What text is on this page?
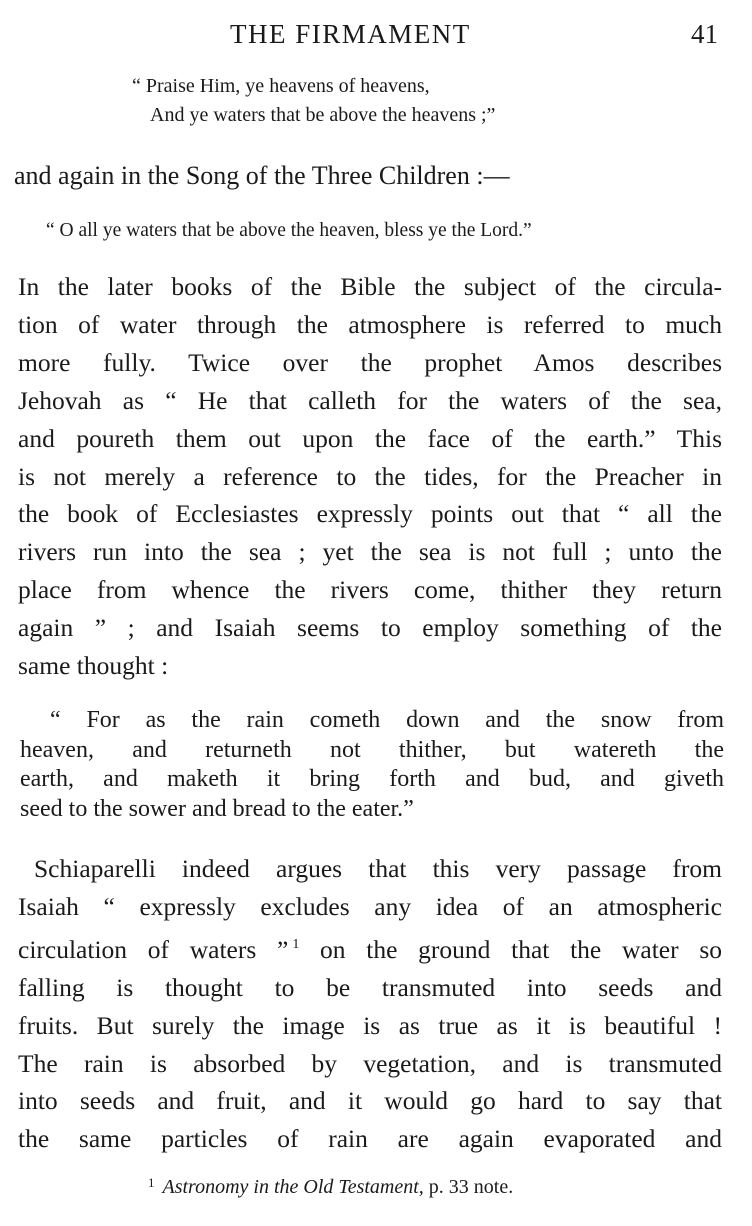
THE FIRMAMENT	41
“ Praise Him, ye heavens of heavens,
And ye waters that be above the heavens ;”
and again in the Song of the Three Children :—
“ O all ye waters that be above the heaven, bless ye the Lord.”
In the later books of the Bible the subject of the circula-
tion of water through the atmosphere is referred to much
more fully. Twice over the prophet Amos describes
Jehovah as “ He that calleth for the waters of the sea,
and poureth them out upon the face of the earth.” This
is not merely a reference to the tides, for the Preacher in
the book of Ecclesiastes expressly points out that “ all the
rivers run into the sea ; yet the sea is not full ; unto the
place from whence the rivers come, thither they return
again ” ; and Isaiah seems to employ something of the
same thought :
“ For as the rain cometh down and the snow from
heaven, and returneth not thither, but watereth the
earth, and maketh it bring forth and bud, and giveth
seed to the sower and bread to the eater.”
Schiaparelli indeed argues that this very passage from
Isaiah “ expressly excludes any idea of an atmospheric
circulation of waters ” $^1$ on the ground that the water so
falling is thought to be transmuted into seeds and
fruits. But surely the image is as true as it is beautiful !
The rain is absorbed by vegetation, and is transmuted
into seeds and fruit, and it would go hard to say that
the same particles of rain are again evaporated and
$^1$ Astronomy in the Old Testament, p. 33 note.
